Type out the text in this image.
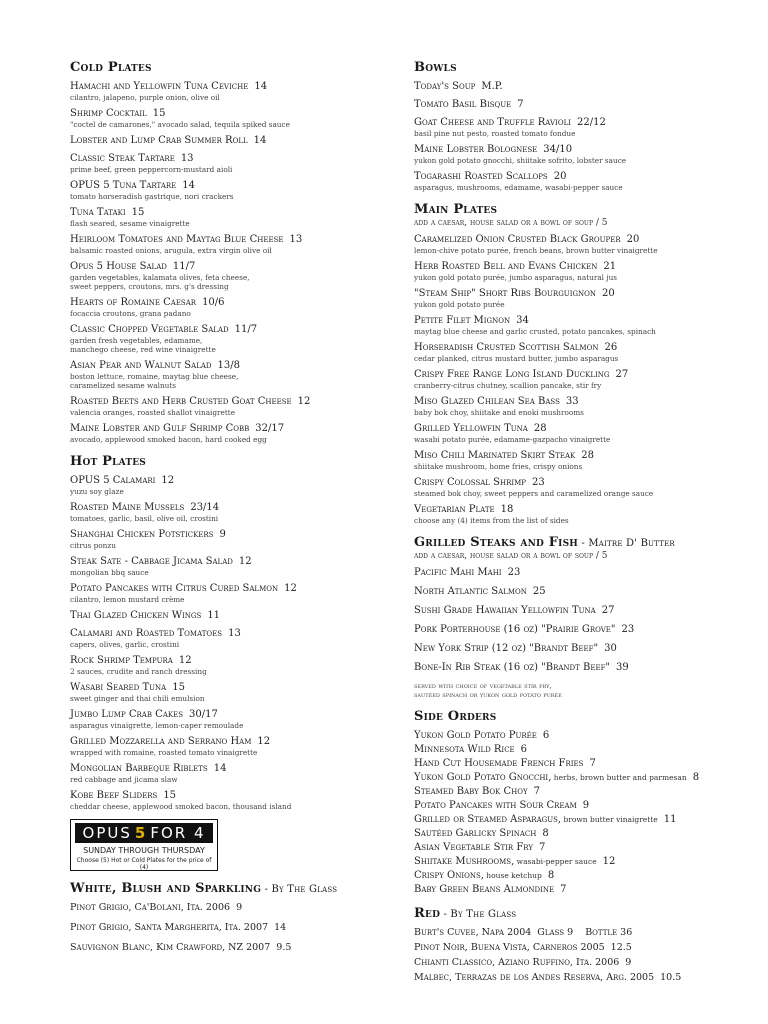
Cold Plates
Hamachi and Yellowfin Tuna Ceviche 14
cilantro, jalapeno, purple onion, olive oil
Shrimp Cocktail 15
"coctel de camarones," avocado salad, tequila spiked sauce
Lobster and Lump Crab Summer Roll 14
Classic Steak Tartare 13
prime beef, green peppercorn-mustard aioli
OPUS 5 Tuna Tartare 14
tomato horseradish gastrique, nori crackers
Tuna Tataki 15
flash seared, sesame vinaigrette
Heirloom Tomatoes and Maytag Blue Cheese 13
balsamic roasted onions, arugula, extra virgin olive oil
Opus 5 House Salad 11/7
garden vegetables, kalamata olives, feta cheese,
sweet peppers, croutons, mrs. g's dressing
Hearts of Romaine Caesar 10/6
focaccia croutons, grana padano
Classic Chopped Vegetable Salad 11/7
garden fresh vegetables, edamame,
manchego cheese, red wine vinaigrette
Asian Pear and Walnut Salad 13/8
boston lettuce, romaine, maytag blue cheese,
caramelized sesame walnuts
Roasted Beets and Herb Crusted Goat Cheese 12
valencia oranges, roasted shallot vinaigrette
Maine Lobster and Gulf Shrimp Cobb 32/17
avocado, applewood smoked bacon, hard cooked egg
Hot Plates
OPUS 5 Calamari 12
yuzu soy glaze
Roasted Maine Mussels 23/14
tomatoes, garlic, basil, olive oil, crostini
Shanghai Chicken Potstickers 9
citrus ponzu
Steak Sate - Cabbage Jicama Salad 12
mongolian bbq sauce
Potato Pancakes with Citrus Cured Salmon 12
cilantro, lemon mustard crème
Thai Glazed Chicken Wings 11
Calamari and Roasted Tomatoes 13
capers, olives, garlic, crostini
Rock Shrimp Tempura 12
2 sauces, crudite and ranch dressing
Wasabi Seared Tuna 15
sweet ginger and thai chili emulsion
Jumbo Lump Crab Cakes 30/17
asparagus vinaigrette, lemon-caper remoulade
Grilled Mozzarella and Serrano Ham 12
wrapped with romaine, roasted tomato vinaigrette
Mongolian Barbeque Riblets 14
red cabbage and jicama slaw
Kobe Beef Sliders 15
cheddar cheese, applewood smoked bacon, thousand island
OPUS 5 FOR 4
SUNDAY THROUGH THURSDAY
Choose (5) Hot or Cold Plates for the price of (4)
White, Blush and Sparkling - By The Glass
Pinot Grigio, Ca'Bolani, Ita. 2006 9
Pinot Grigio, Santa Margherita, Ita. 2007 14
Sauvignon Blanc, Kim Crawford, NZ 2007 9.5
Bowls
Today's Soup M.P.
Tomato Basil Bisque 7
Goat Cheese and Truffle Ravioli 22/12
basil pine nut pesto, roasted tomato fondue
Maine Lobster Bolognese 34/10
yukon gold potato gnocchi, shiitake sofrito, lobster sauce
Togarashi Roasted Scallops 20
asparagus, mushrooms, edamame, wasabi-pepper sauce
Main Plates
add a caesar, house salad or a bowl of soup / 5
Caramelized Onion Crusted Black Grouper 20
lemon-chive potato purée, french beans, brown butter vinaigrette
Herb Roasted Bell and Evans Chicken 21
yukon gold potato purée, jumbo asparagus, natural jus
"Steam Ship" Short Ribs Bourguignon 20
yukon gold potato purée
Petite Filet Mignon 34
maytag blue cheese and garlic crusted, potato pancakes, spinach
Horseradish Crusted Scottish Salmon 26
cedar planked, citrus mustard butter, jumbo asparagus
Crispy Free Range Long Island Duckling 27
cranberry-citrus chutney, scallion pancake, stir fry
Miso Glazed Chilean Sea Bass 33
baby bok choy, shiitake and enoki mushrooms
Grilled Yellowfin Tuna 28
wasabi potato purée, edamame-gazpacho vinaigrette
Miso Chili Marinated Skirt Steak 28
shiitake mushroom, home fries, crispy onions
Crispy Colossal Shrimp 23
steamed bok choy, sweet peppers and caramelized orange sauce
Vegetarian Plate 18
choose any (4) items from the list of sides
Grilled Steaks and Fish - Maitre D' Butter
add a caesar, house salad or a bowl of soup / 5
Pacific Mahi Mahi 23
North Atlantic Salmon 25
Sushi Grade Hawaiian Yellowfin Tuna 27
Pork Porterhouse (16 oz) "Prairie Grove" 23
New York Strip (12 oz) "Brandt Beef" 30
Bone-In Rib Steak (16 oz) "Brandt Beef" 39
served with choice of vegetable stir fry,
sautéed spinach or yukon gold potato purée
Side Orders
Yukon Gold Potato Purée 6
Minnesota Wild Rice 6
Hand Cut Housemade French Fries 7
Yukon Gold Potato Gnocchi, herbs, brown butter and parmesan 8
Steamed Baby Bok Choy 7
Potato Pancakes with Sour Cream 9
Grilled or Steamed Asparagus, brown butter vinaigrette 11
Sautéed Garlicky Spinach 8
Asian Vegetable Stir Fry 7
Shiitake Mushrooms, wasabi-pepper sauce 12
Crispy Onions, house ketchup 8
Baby Green Beans Almondine 7
Red - By The Glass
Burt's Cuvee, Napa 2004 Glass 9    Bottle 36
Pinot Noir, Buena Vista, Carneros 2005 12.5
Chianti Classico, Aziano Ruffino, Ita. 2006 9
Malbec, Terrazas de los Andes Reserva, Arg. 2005 10.5
